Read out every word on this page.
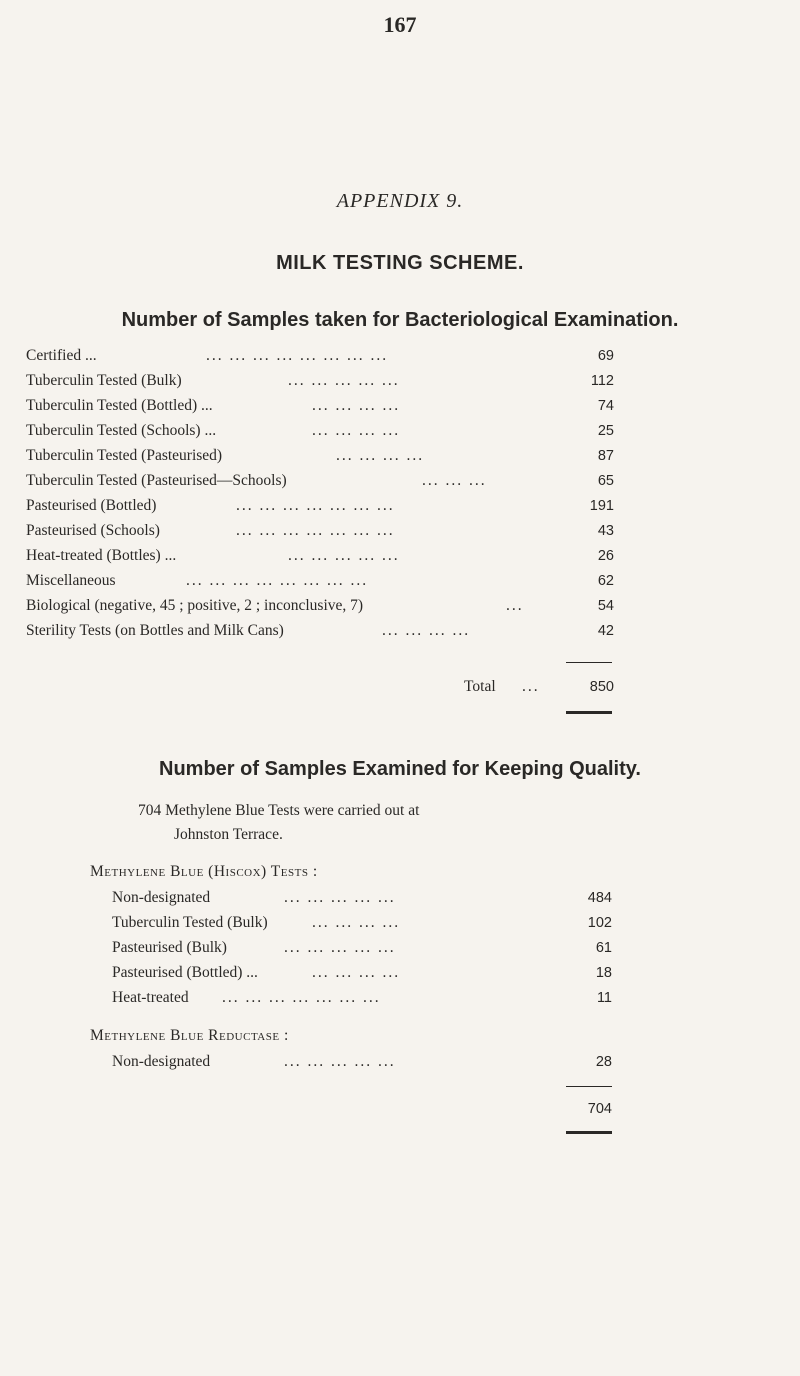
167
APPENDIX 9.
MILK TESTING SCHEME.
Number of Samples taken for Bacteriological Examination.
Certified ...	... ... ... ... ... ... ... ...	69
Tuberculin Tested (Bulk)	... ... ... ... ...	112
Tuberculin Tested (Bottled) ...	... ... ... ...	74
Tuberculin Tested (Schools) ...	... ... ... ...	25
Tuberculin Tested (Pasteurised)	... ... ... ...	87
Tuberculin Tested (Pasteurised—Schools)	... ... ...	65
Pasteurised (Bottled)	... ... ... ... ... ... ...	191
Pasteurised (Schools)	... ... ... ... ... ... ...	43
Heat-treated (Bottles) ...	... ... ... ... ...	26
Miscellaneous	... ... ... ... ... ... ... ...	62
Biological (negative, 45 ; positive, 2 ; inconclusive, 7)	...	54
Sterility Tests (on Bottles and Milk Cans)	... ... ... ...	42
Total ...	850
Number of Samples Examined for Keeping Quality.
704 Methylene Blue Tests were carried out at
Johnston Terrace.
Methylene Blue (Hiscox) Tests :
Non-designated	... ... ... ... ...	484
Tuberculin Tested (Bulk)	... ... ... ...	102
Pasteurised (Bulk)	... ... ... ... ...	61
Pasteurised (Bottled) ...	... ... ... ...	18
Heat-treated ... ... ... ... ... ... ...	11
Methylene Blue Reductase :
Non-designated	... ... ... ... ...	28
704
